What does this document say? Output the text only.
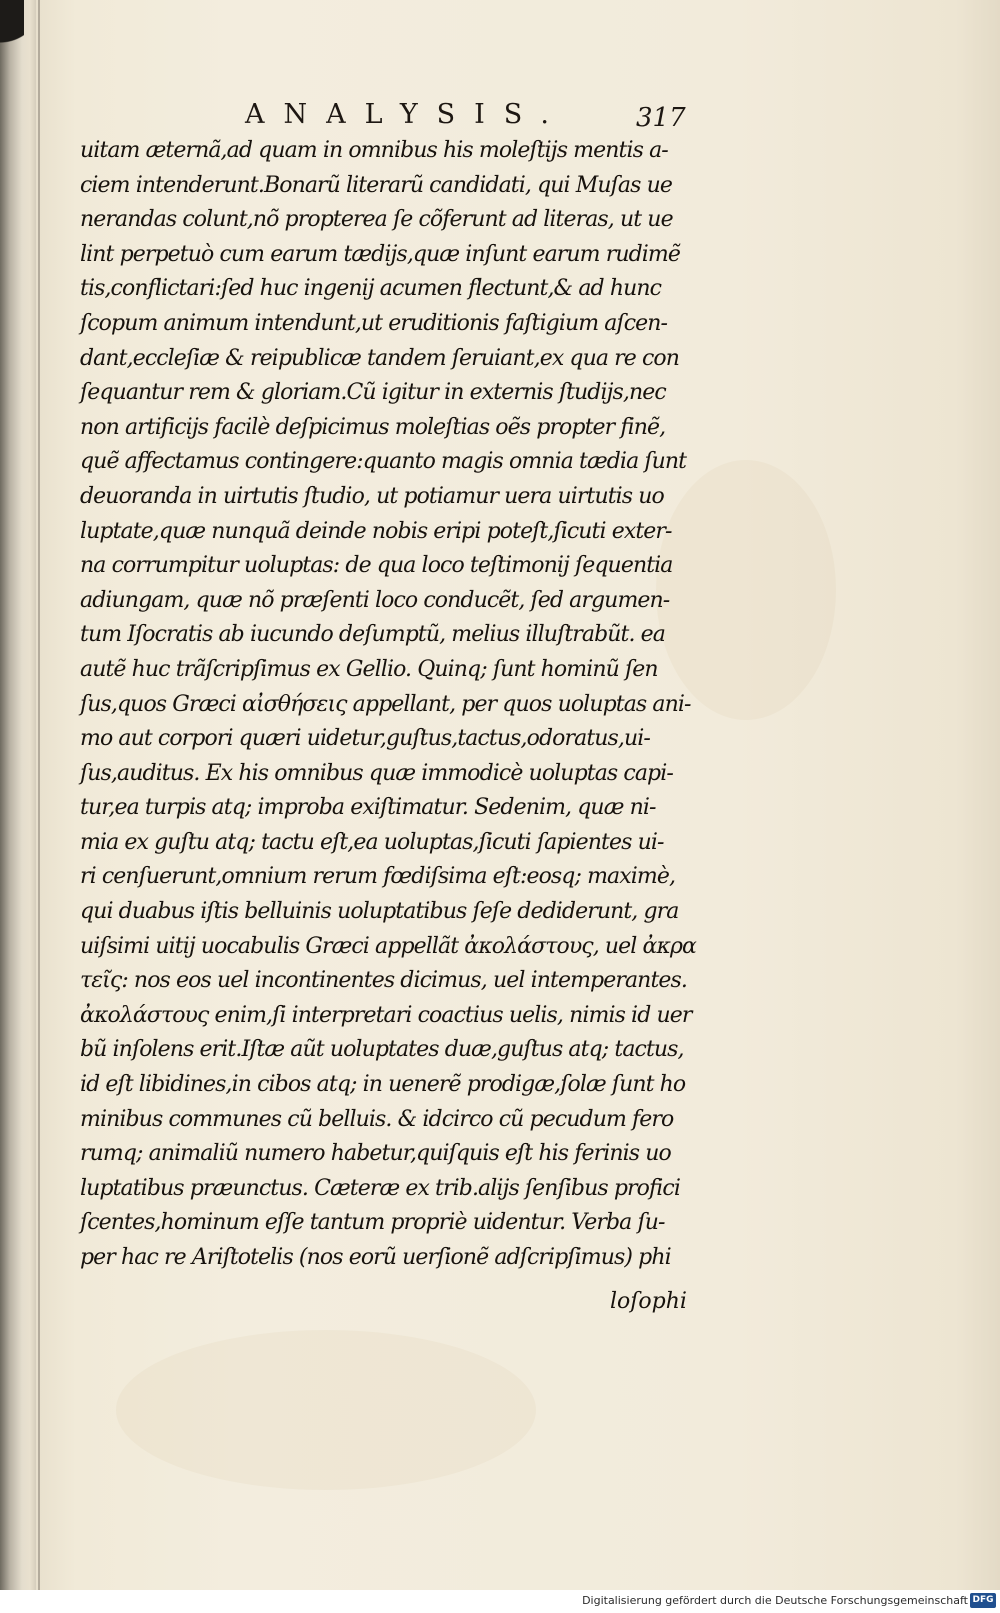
ANALYSIS.	317
uitam æternã,ad quam in omnibus his moleſtijs mentis a-
ciem intenderunt.Bonarũ literarũ candidati, qui Muſas ue
nerandas colunt,nõ propterea ſe cõferunt ad literas, ut ue
lint perpetuò cum earum tædijs,quæ inſunt earum rudimẽ
tis,conflictari:ſed huc ingenij acumen flectunt,& ad hunc
ſcopum animum intendunt,ut eruditionis faſtigium aſcen-
dant,eccleſiæ & reipublicæ tandem ſeruiant,ex qua re con
ſequantur rem & gloriam.Cũ igitur in externis ſtudijs,nec
non artificijs facilè deſpicimus moleſtias oẽs propter finẽ,
quẽ affectamus contingere:quanto magis omnia tædia ſunt
deuoranda in uirtutis ſtudio, ut potiamur uera uirtutis uo
luptate,quæ nunquã deinde nobis eripi poteſt,ſicuti exter-
na corrumpitur uoluptas: de qua loco teſtimonij ſequentia
adiungam, quæ nõ præſenti loco conducẽt, ſed argumen-
tum Iſocratis ab iucundo deſumptũ, melius illuſtrabũt. ea
autẽ huc trãſcripſimus ex Gellio. Quinq; ſunt hominũ ſen
ſus,quos Græci αἰσθήσεις appellant, per quos uoluptas ani-
mo aut corpori quæri uidetur,guſtus,tactus,odoratus,ui-
ſus,auditus. Ex his omnibus quæ immodicè uoluptas capi-
tur,ea turpis atq; improba exiſtimatur. Sedenim, quæ ni-
mia ex guſtu atq; tactu eſt,ea uoluptas,ſicuti ſapientes ui-
ri cenſuerunt,omnium rerum fœdiſsima eſt:eosq; maximè,
qui duabus iſtis belluinis uoluptatibus ſeſe dediderunt, gra
uiſsimi uitij uocabulis Græci appellãt ἀκολάστους, uel ἀκρα
τεῖς: nos eos uel incontinentes dicimus, uel intemperantes.
ἀκολάστους enim,ſi interpretari coactius uelis, nimis id uer
bũ inſolens erit.Iſtæ aũt uoluptates duæ,guſtus atq; tactus,
id eſt libidines,in cibos atq; in uenerẽ prodigæ,ſolæ ſunt ho
minibus communes cũ belluis. & idcirco cũ pecudum fero
rumq; animaliũ numero habetur,quiſquis eſt his ferinis uo
luptatibus præunctus. Cæteræ ex trib.alijs ſenſibus profici
ſcentes,hominum eſſe tantum propriè uidentur. Verba ſu-
per hac re Ariſtotelis (nos eorũ uerſionẽ adſcripſimus) phi
loſophi
Digitalisierung gefördert durch die Deutsche Forschungsgemeinschaft DFG
